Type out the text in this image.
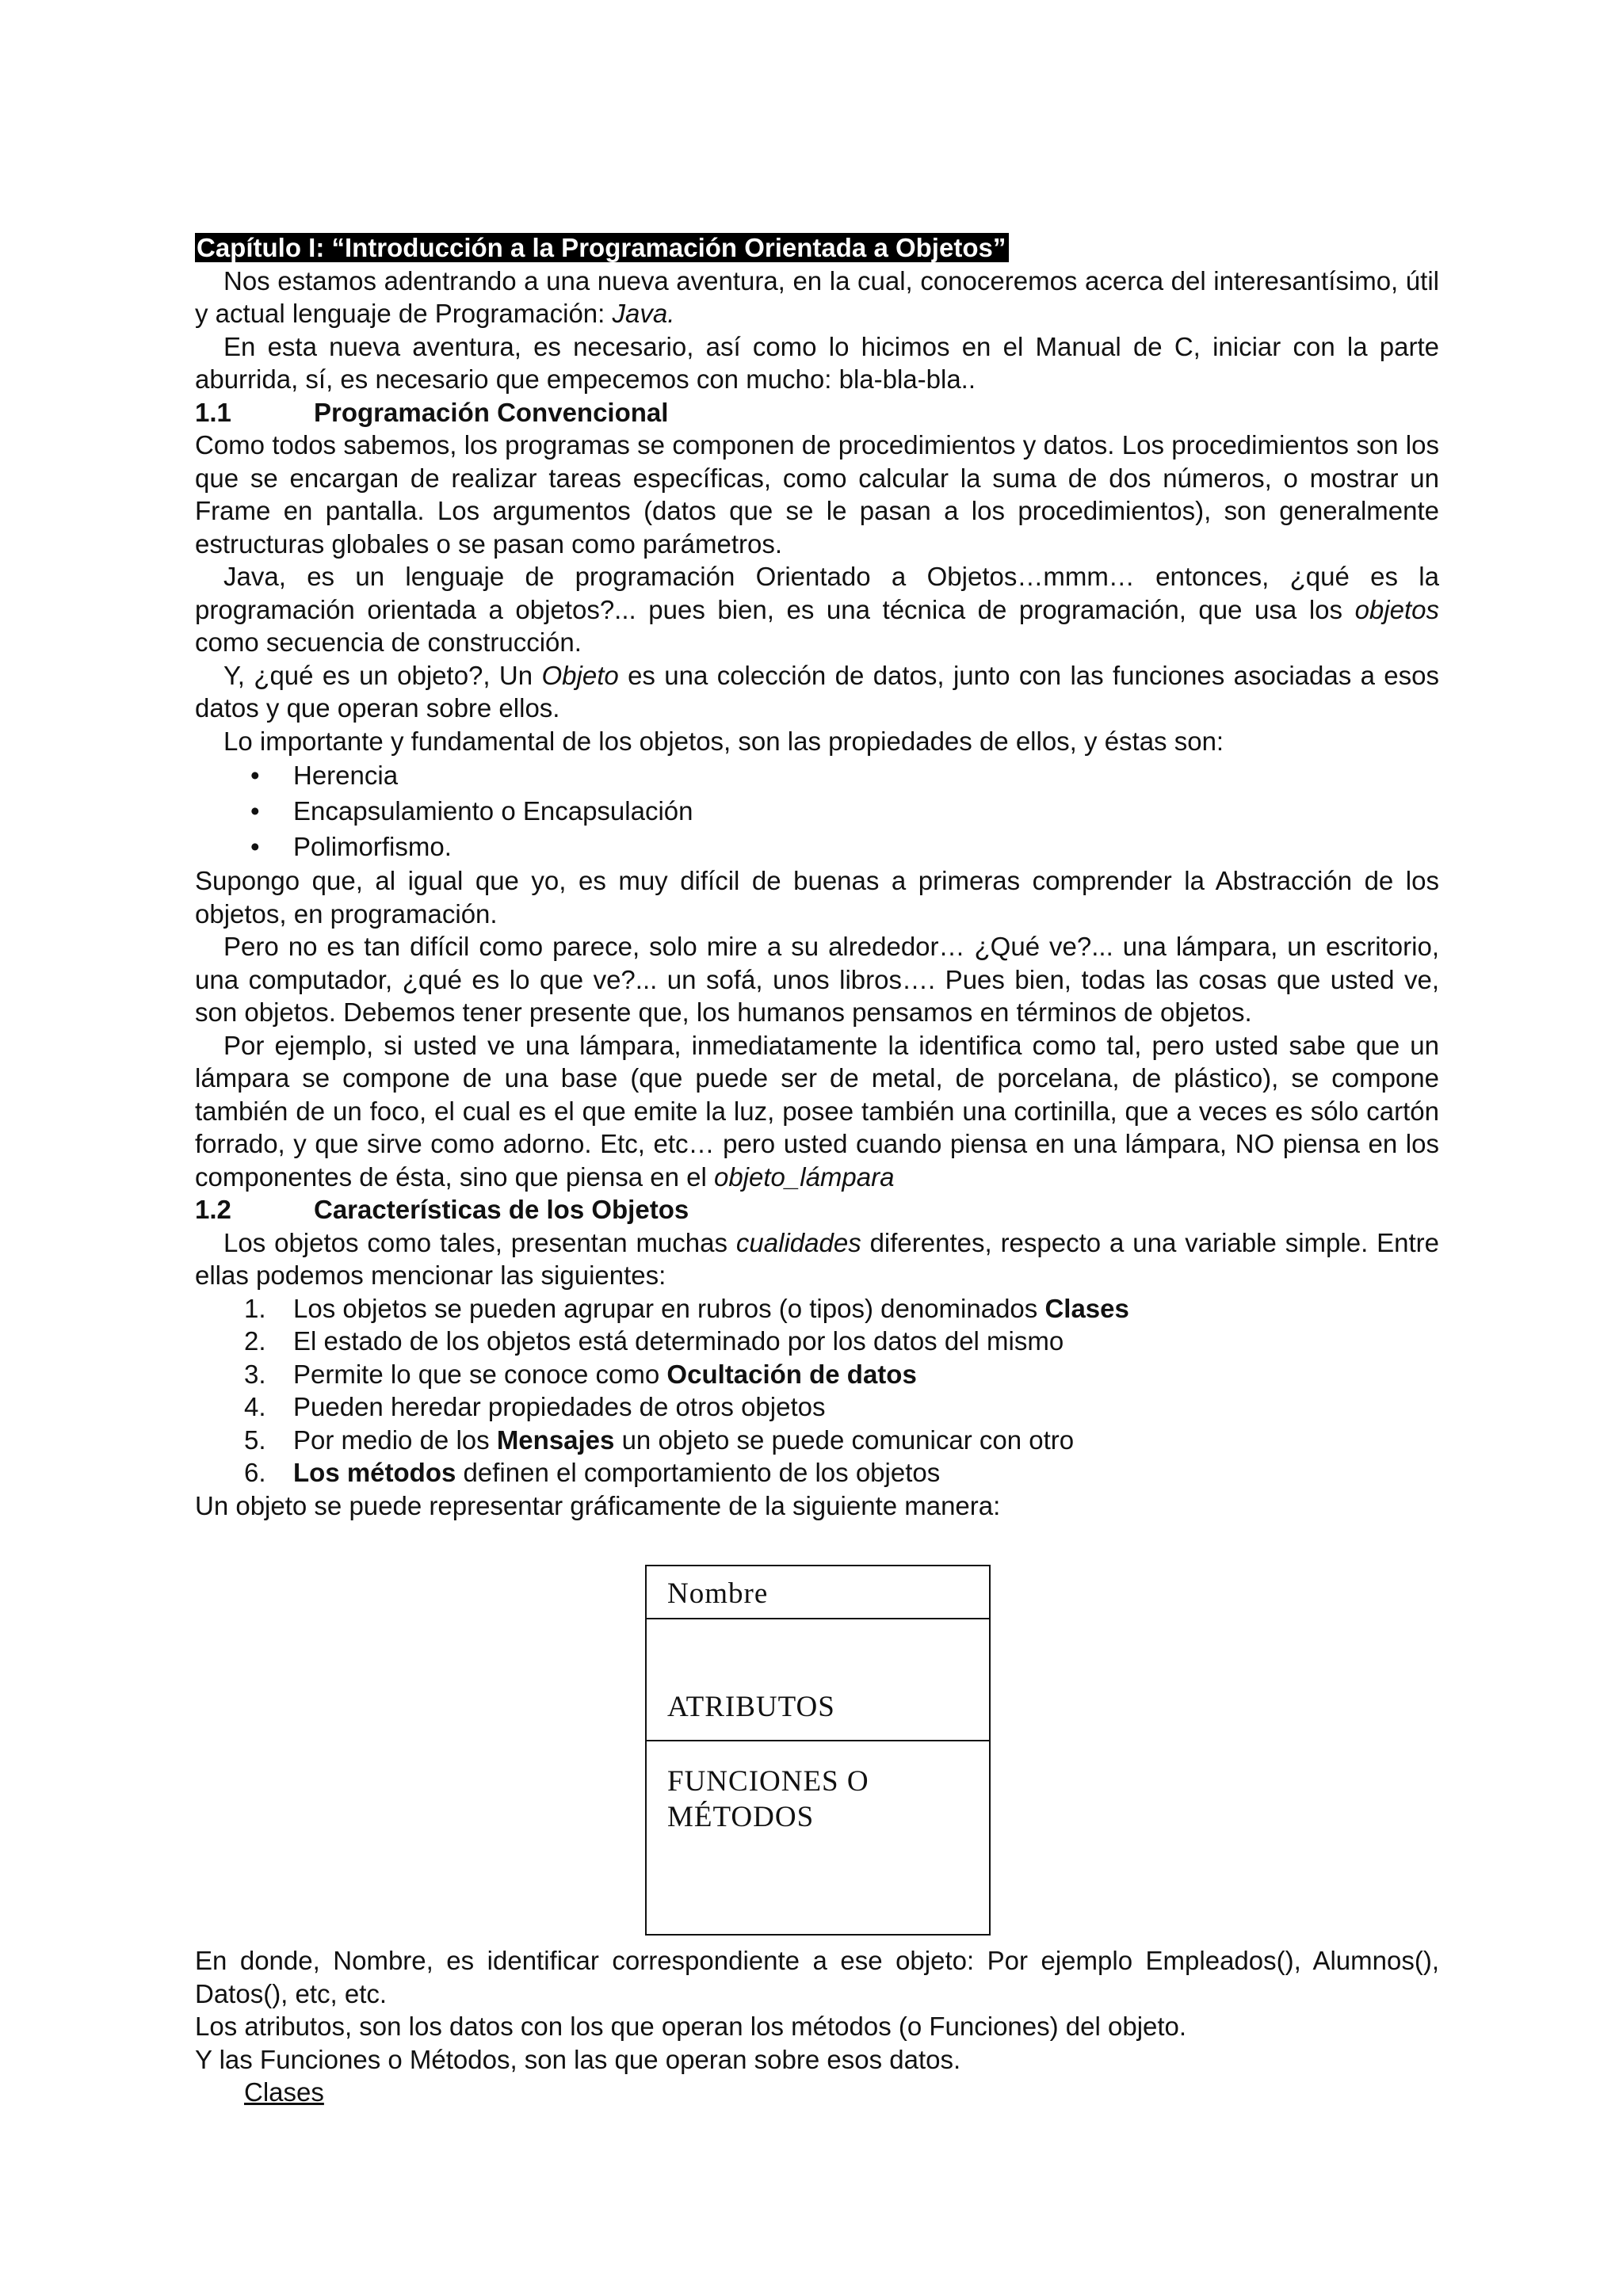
Capítulo I: “Introducción a la Programación Orientada a Objetos”

Nos estamos adentrando a una nueva aventura, en la cual, conoceremos acerca del interesantísimo, útil y actual lenguaje de Programación: Java.

En esta nueva aventura, es necesario, así como lo hicimos en el Manual de C, iniciar con la parte aburrida, sí, es necesario que empecemos con mucho: bla-bla-bla..

1.1	Programación Convencional

Como todos sabemos, los programas se componen de procedimientos y datos. Los procedimientos son los que se encargan de realizar tareas específicas, como calcular la suma de dos números, o mostrar un Frame en pantalla. Los argumentos (datos que se le pasan a los procedimientos), son generalmente estructuras globales o se pasan como parámetros.

Java, es un lenguaje de programación Orientado a Objetos…mmm… entonces, ¿qué es la programación orientada a objetos?... pues bien, es una técnica de programación, que usa los objetos como secuencia de construcción.

Y, ¿qué es un objeto?, Un Objeto es una colección de datos, junto con las funciones asociadas a esos datos y que operan sobre ellos.

Lo importante y fundamental de los objetos, son las propiedades de ellos, y éstas son:

• Herencia
• Encapsulamiento o Encapsulación
• Polimorfismo.

Supongo que, al igual que yo, es muy difícil de buenas a primeras comprender la Abstracción de los objetos, en programación.

Pero no es tan difícil como parece, solo mire a su alrededor… ¿Qué ve?... una lámpara, un escritorio, una computador, ¿qué es lo que ve?... un sofá, unos libros…. Pues bien, todas las cosas que usted ve, son objetos. Debemos tener presente que, los humanos pensamos en términos de objetos.

Por ejemplo, si usted ve una lámpara, inmediatamente la identifica como tal, pero usted sabe que un lámpara se compone de una base (que puede ser de metal, de porcelana, de plástico), se compone también de un foco, el cual es el que emite la luz, posee también una cortinilla, que a veces es sólo cartón forrado, y que sirve como adorno. Etc, etc… pero usted cuando piensa en una lámpara, NO piensa en los componentes de ésta, sino que piensa en el objeto_lámpara

1.2	Características de los Objetos

Los objetos como tales, presentan muchas cualidades diferentes, respecto a una variable simple. Entre ellas podemos mencionar las siguientes:

1. Los objetos se pueden agrupar en rubros (o tipos) denominados Clases
2. El estado de los objetos está determinado por los datos del mismo
3. Permite lo que se conoce como Ocultación de datos
4. Pueden heredar propiedades de otros objetos
5. Por medio de los Mensajes un objeto se puede comunicar con otro
6. Los métodos definen el comportamiento de los objetos

Un objeto se puede representar gráficamente de la siguiente manera:

Nombre
ATRIBUTOS
FUNCIONES O
MÉTODOS

En donde, Nombre, es identificar correspondiente a ese objeto: Por ejemplo Empleados(), Alumnos(), Datos(), etc, etc.

Los atributos, son los datos con los que operan los métodos (o Funciones) del objeto.

Y las Funciones o Métodos, son las que operan sobre esos datos.

Clases
